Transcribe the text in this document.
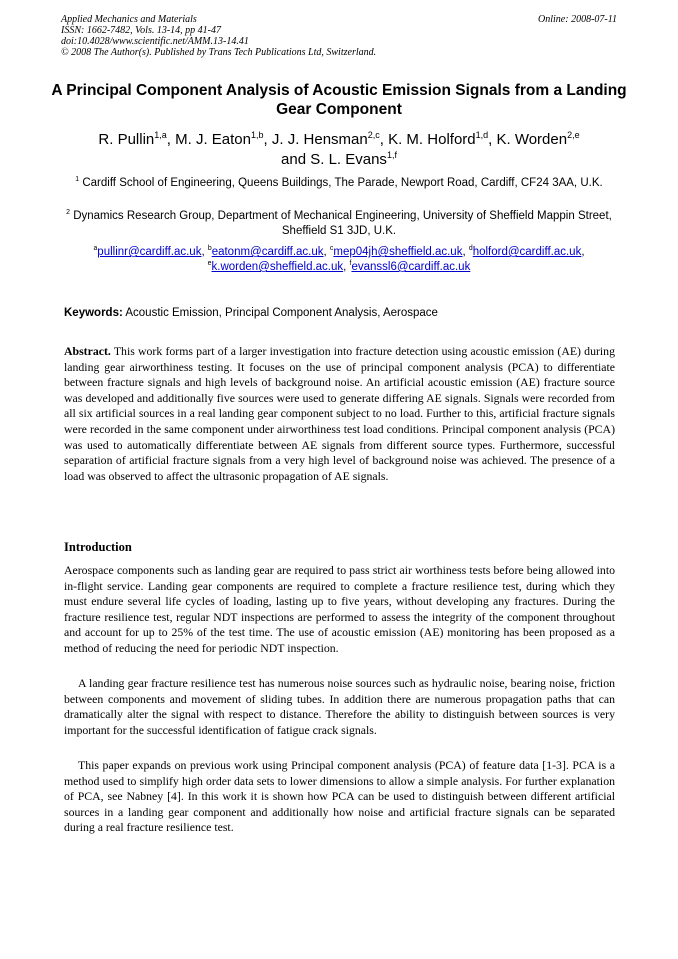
Applied Mechanics and Materials
ISSN: 1662-7482, Vols. 13-14, pp 41-47
doi:10.4028/www.scientific.net/AMM.13-14.41
© 2008 The Author(s). Published by Trans Tech Publications Ltd, Switzerland.
Online: 2008-07-11
A Principal Component Analysis of Acoustic Emission Signals from a Landing Gear Component
R. Pullin$^{1,a}$, M. J. Eaton$^{1,b}$, J. J. Hensman$^{2,c}$, K. M. Holford$^{1,d}$, K. Worden$^{2,e}$ and S. L. Evans$^{1,f}$
$^1$ Cardiff School of Engineering, Queens Buildings, The Parade, Newport Road, Cardiff, CF24 3AA, U.K.
$^2$ Dynamics Research Group, Department of Mechanical Engineering, University of Sheffield Mappin Street, Sheffield S1 3JD, U.K.
$^a$pullinr@cardiff.ac.uk, $^b$eatonm@cardiff.ac.uk, $^c$mep04jh@sheffield.ac.uk, $^d$holford@cardiff.ac.uk,
$^e$k.worden@sheffield.ac.uk, $^f$evanssl6@cardiff.ac.uk
Keywords: Acoustic Emission, Principal Component Analysis, Aerospace
Abstract. This work forms part of a larger investigation into fracture detection using acoustic emission (AE) during landing gear airworthiness testing. It focuses on the use of principal component analysis (PCA) to differentiate between fracture signals and high levels of background noise. An artificial acoustic emission (AE) fracture source was developed and additionally five sources were used to generate differing AE signals. Signals were recorded from all six artificial sources in a real landing gear component subject to no load. Further to this, artificial fracture signals were recorded in the same component under airworthiness test load conditions. Principal component analysis (PCA) was used to automatically differentiate between AE signals from different source types. Furthermore, successful separation of artificial fracture signals from a very high level of background noise was achieved. The presence of a load was observed to affect the ultrasonic propagation of AE signals.
Introduction
Aerospace components such as landing gear are required to pass strict air worthiness tests before being allowed into in-flight service. Landing gear components are required to complete a fracture resilience test, during which they must endure several life cycles of loading, lasting up to five years, without developing any fractures. During the fracture resilience test, regular NDT inspections are performed to assess the integrity of the component throughout and account for up to 25% of the test time. The use of acoustic emission (AE) monitoring has been proposed as a method of reducing the need for periodic NDT inspection.
A landing gear fracture resilience test has numerous noise sources such as hydraulic noise, bearing noise, friction between components and movement of sliding tubes. In addition there are numerous propagation paths that can dramatically alter the signal with respect to distance. Therefore the ability to distinguish between sources is very important for the successful identification of fatigue crack signals.
This paper expands on previous work using Principal component analysis (PCA) of feature data [1-3]. PCA is a method used to simplify high order data sets to lower dimensions to allow a simple analysis. For further explanation of PCA, see Nabney [4]. In this work it is shown how PCA can be used to distinguish between different artificial sources in a landing gear component and additionally how noise and artificial fracture signals can be separated during a real fracture resilience test.
